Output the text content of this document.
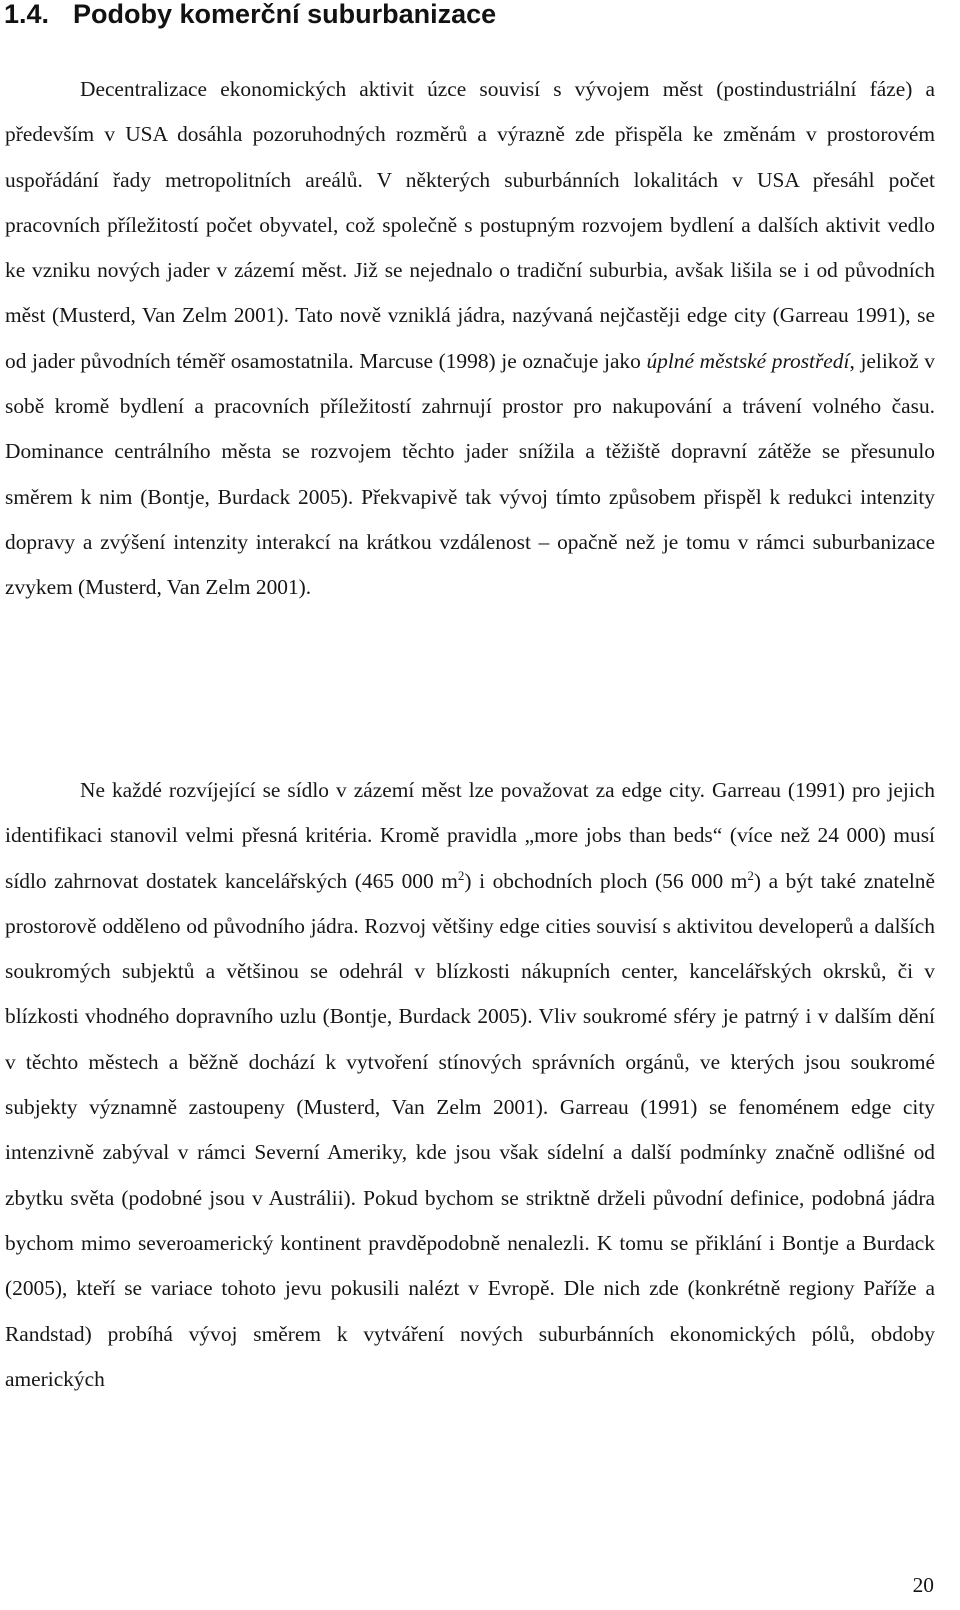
1.4. Podoby komerční suburbanizace

Decentralizace ekonomických aktivit úzce souvisí s vývojem měst (postindustriální fáze) a především v USA dosáhla pozoruhodných rozměrů a výrazně zde přispěla ke změnám v prostorovém uspořádání řady metropolitních areálů. V některých suburbánních lokalitách v USA přesáhl počet pracovních příležitostí počet obyvatel, což společně s postupným rozvojem bydlení a dalších aktivit vedlo ke vzniku nových jader v zázemí měst. Již se nejednalo o tradiční suburbia, avšak lišila se i od původních měst (Musterd, Van Zelm 2001). Tato nově vzniklá jádra, nazývaná nejčastěji edge city (Garreau 1991), se od jader původních téměř osamostatnila. Marcuse (1998) je označuje jako úplné městské prostředí, jelikož v sobě kromě bydlení a pracovních příležitostí zahrnují prostor pro nakupování a trávení volného času. Dominance centrálního města se rozvojem těchto jader snížila a těžiště dopravní zátěže se přesunulo směrem k nim (Bontje, Burdack 2005). Překvapivě tak vývoj tímto způsobem přispěl k redukci intenzity dopravy a zvýšení intenzity interakcí na krátkou vzdálenost – opačně než je tomu v rámci suburbanizace zvykem (Musterd, Van Zelm 2001).

Ne každé rozvíjející se sídlo v zázemí měst lze považovat za edge city. Garreau (1991) pro jejich identifikaci stanovil velmi přesná kritéria. Kromě pravidla „more jobs than beds“ (více než 24 000) musí sídlo zahrnovat dostatek kancelářských (465 000 $m^2$) i obchodních ploch (56 000 $m^2$) a být také znatelně prostorově odděleno od původního jádra. Rozvoj většiny edge cities souvisí s aktivitou developerů a dalších soukromých subjektů a většinou se odehrál v blízkosti nákupních center, kancelářských okrsků, či v blízkosti vhodného dopravního uzlu (Bontje, Burdack 2005). Vliv soukromé sféry je patrný i v dalším dění v těchto městech a běžně dochází k vytvoření stínových správních orgánů, ve kterých jsou soukromé subjekty významně zastoupeny (Musterd, Van Zelm 2001). Garreau (1991) se fenoménem edge city intenzivně zabýval v rámci Severní Ameriky, kde jsou však sídelní a další podmínky značně odlišné od zbytku světa (podobné jsou v Austrálii). Pokud bychom se striktně drželi původní definice, podobná jádra bychom mimo severoamerický kontinent pravděpodobně nenalezli. K tomu se přiklání i Bontje a Burdack (2005), kteří se variace tohoto jevu pokusili nalézt v Evropě. Dle nich zde (konkrétně regiony Paříže a Randstad) probíhá vývoj směrem k vytváření nových suburbánních ekonomických pólů, obdoby amerických

20
